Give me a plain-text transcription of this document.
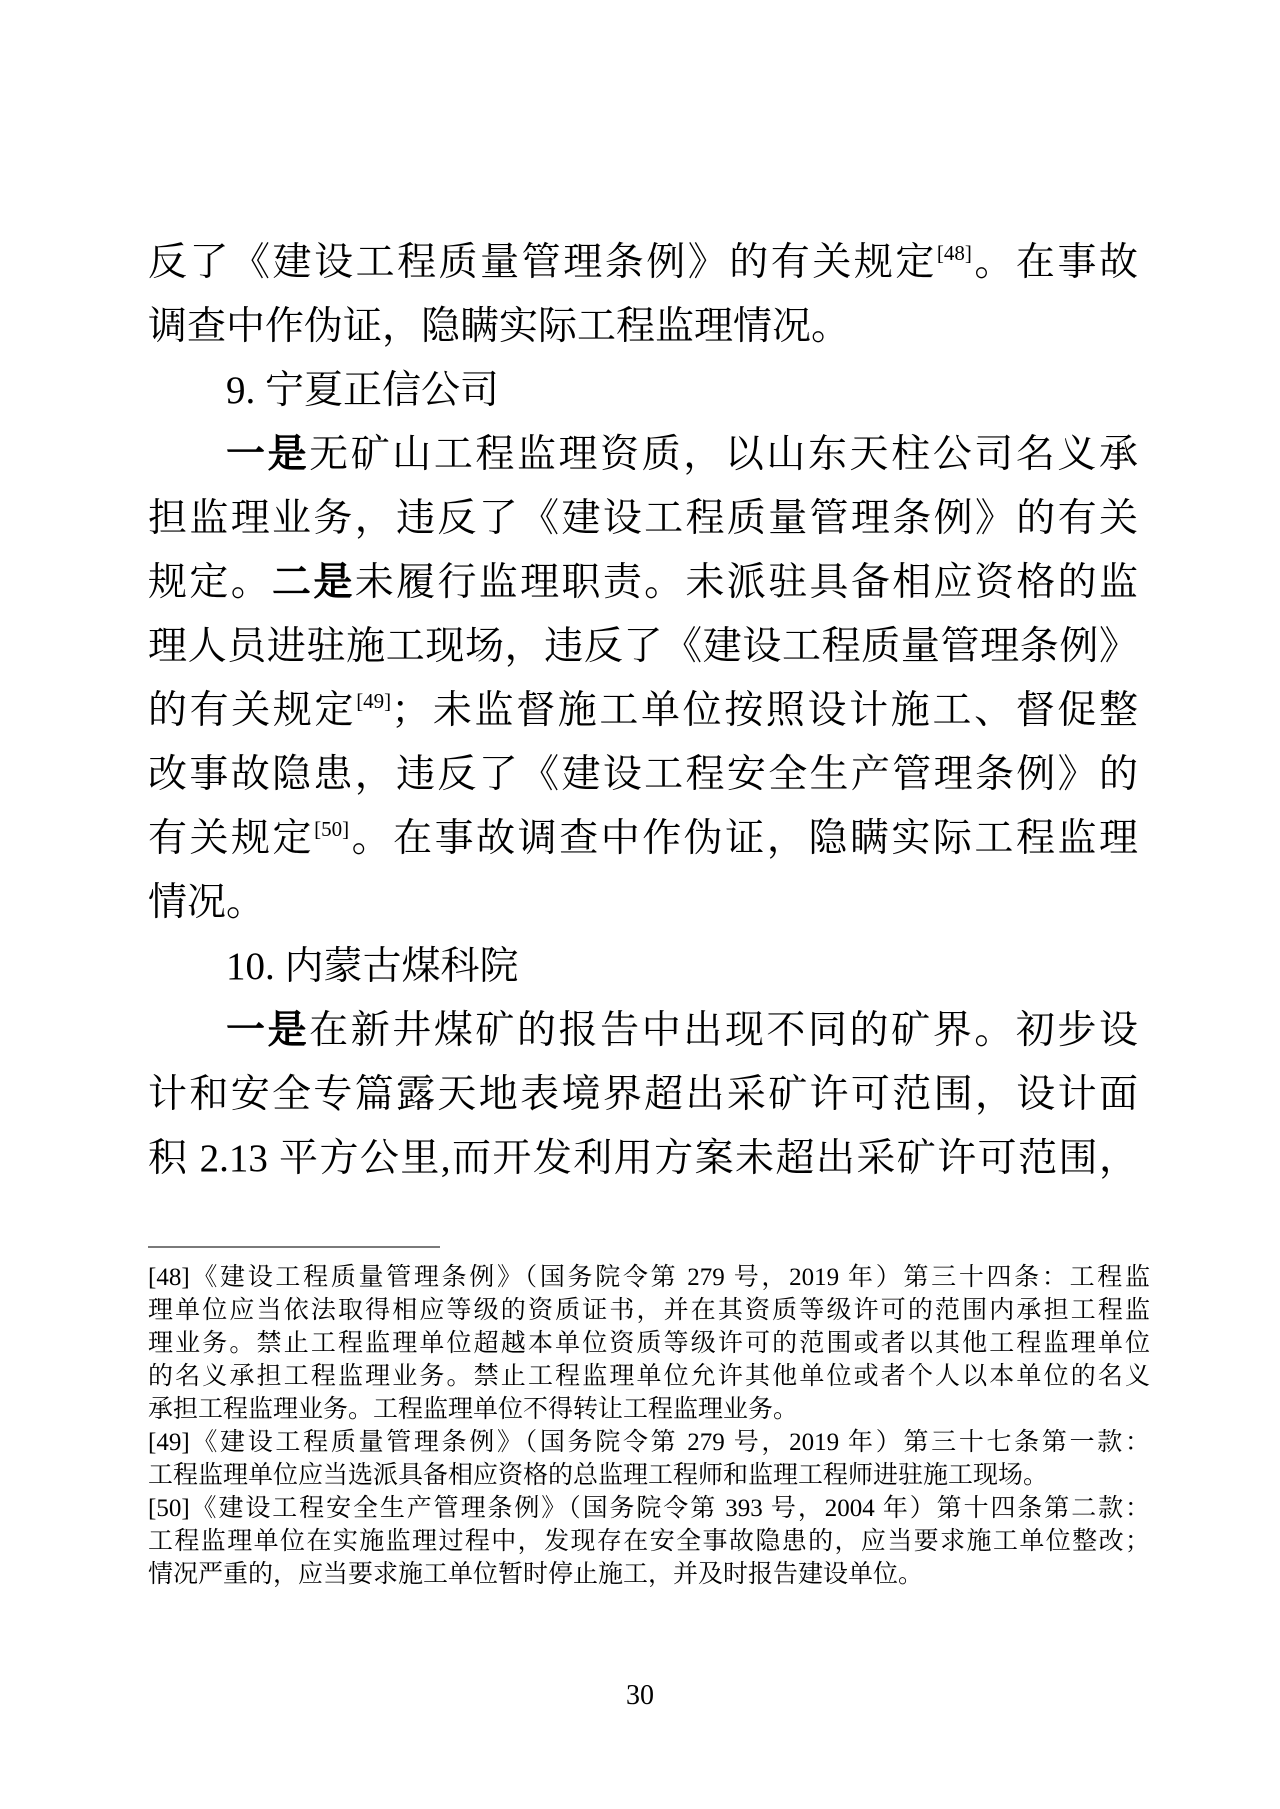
反了《建设工程质量管理条例》的有关规定[48]。在事故
调查中作伪证，隐瞒实际工程监理情况。
9. 宁夏正信公司
一是无矿山工程监理资质，以山东天柱公司名义承
担监理业务，违反了《建设工程质量管理条例》的有关
规定。二是未履行监理职责。未派驻具备相应资格的监
理人员进驻施工现场，违反了《建设工程质量管理条例》
的有关规定[49]；未监督施工单位按照设计施工、督促整
改事故隐患，违反了《建设工程安全生产管理条例》的
有关规定[50]。在事故调查中作伪证，隐瞒实际工程监理
情况。
10. 内蒙古煤科院
一是在新井煤矿的报告中出现不同的矿界。初步设
计和安全专篇露天地表境界超出采矿许可范围，设计面
积 2.13 平方公里,而开发利用方案未超出采矿许可范围，
[48]《建设工程质量管理条例》（国务院令第 279 号，2019 年）第三十四条：工程监
理单位应当依法取得相应等级的资质证书，并在其资质等级许可的范围内承担工程监
理业务。禁止工程监理单位超越本单位资质等级许可的范围或者以其他工程监理单位
的名义承担工程监理业务。禁止工程监理单位允许其他单位或者个人以本单位的名义
承担工程监理业务。工程监理单位不得转让工程监理业务。
[49]《建设工程质量管理条例》（国务院令第 279 号，2019 年）第三十七条第一款：
工程监理单位应当选派具备相应资格的总监理工程师和监理工程师进驻施工现场。
[50]《建设工程安全生产管理条例》（国务院令第 393 号，2004 年）第十四条第二款：
工程监理单位在实施监理过程中，发现存在安全事故隐患的，应当要求施工单位整改；
情况严重的，应当要求施工单位暂时停止施工，并及时报告建设单位。
30
